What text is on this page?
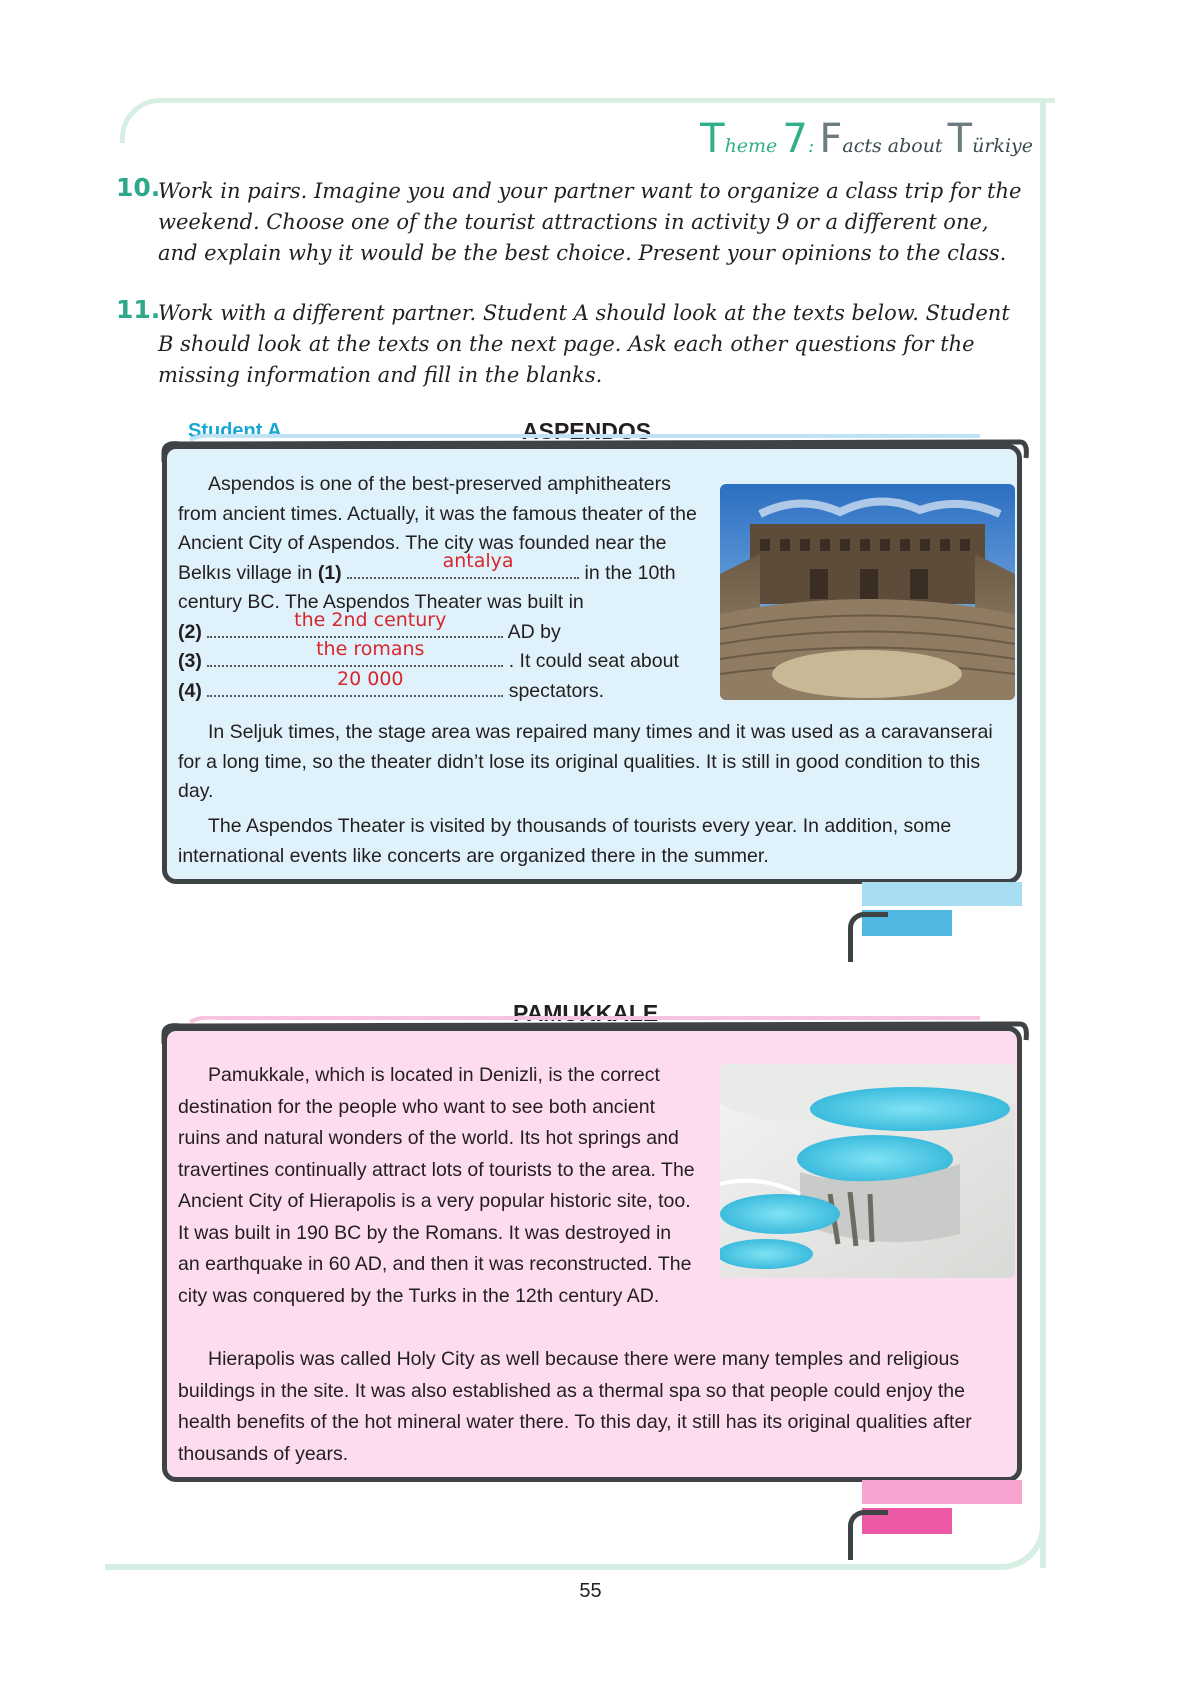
Theme 7: Facts about Türkiye
10.
Work in pairs. Imagine you and your partner want to organize a class trip for the weekend. Choose one of the tourist attractions in activity 9 or a different one, and explain why it would be the best choice. Present your opinions to the class.
11.
Work with a different partner. Student A should look at the texts below. Student B should look at the texts on the next page. Ask each other questions for the missing information and fill in the blanks.
Student A	ASPENDOS
Aspendos is one of the best-preserved amphitheaters from ancient times. Actually, it was the famous theater of the Ancient City of Aspendos. The city was founded near the Belkıs village in (1)
antalya
in the 10th century BC. The Aspendos Theater was built in
(2)
the 2nd century
AD by
(3)
the romans
. It could seat about
(4)
20 000
spectators.
In Seljuk times, the stage area was repaired many times and it was used as a caravanserai for a long time, so the theater didn’t lose its original qualities. It is still in good condition to this day.
The Aspendos Theater is visited by thousands of tourists every year. In addition, some international events like concerts are organized there in the summer.
PAMUKKALE
Pamukkale, which is located in Denizli, is the correct destination for the people who want to see both ancient ruins and natural wonders of the world. Its hot springs and travertines continually attract lots of tourists to the area. The Ancient City of Hierapolis is a very popular historic site, too. It was built in 190 BC by the Romans. It was destroyed in an earthquake in 60 AD, and then it was reconstructed. The city was conquered by the Turks in the 12th century AD.
Hierapolis was called Holy City as well because there were many temples and religious buildings in the site. It was also established as a thermal spa so that people could enjoy the health benefits of the hot mineral water there. To this day, it still has its original qualities after thousands of years.
55
